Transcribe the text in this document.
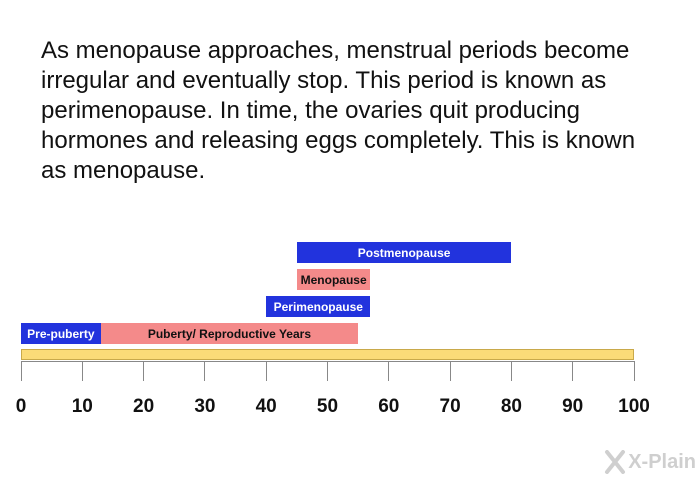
As menopause approaches, menstrual periods become irregular and eventually stop. This period is known as perimenopause. In time, the ovaries quit producing hormones and releasing eggs completely. This is known as menopause.

0	10	20	30	40	50	60	70	80	90	100
Postmenopause
Menopause
Perimenopause
Pre-puberty	Puberty/ Reproductive Years
X-Plain
